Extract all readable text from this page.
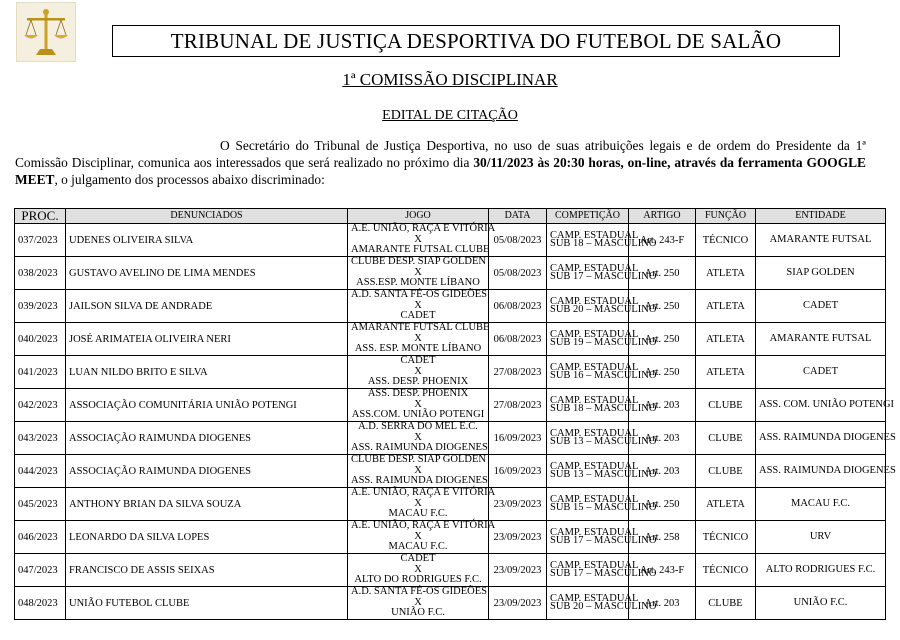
TRIBUNAL DE JUSTIÇA DESPORTIVA DO FUTEBOL DE SALÃO
1ª COMISSÃO DISCIPLINAR
EDITAL DE CITAÇÃO

O Secretário do Tribunal de Justiça Desportiva, no uso de suas atribuições legais e de ordem do Presidente da 1ª Comissão Disciplinar, comunica aos interessados que será realizado no próximo dia 30/11/2023 às 20:30 horas, on-line, através da ferramenta GOOGLE MEET, o julgamento dos processos abaixo discriminado:

PROC.	DENUNCIADOS	JOGO	DATA	COMPETIÇÃO	ARTIGO	FUNÇÃO	ENTIDADE
037/2023	UDENES OLIVEIRA SILVA	A.E. UNIÃO, RAÇA E VITÓRIA
X
AMARANTE FUTSAL CLUBE	05/08/2023	CAMP. ESTADUAL
SUB 18 – MASCULINO	Art. 243-F	TÉCNICO	AMARANTE FUTSAL
038/2023	GUSTAVO AVELINO DE LIMA MENDES	CLUBE DESP. SIAP GOLDEN
X
ASS.ESP. MONTE LÍBANO	05/08/2023	CAMP. ESTADUAL
SUB 17 – MASCULINO	Art. 250	ATLETA	SIAP GOLDEN
039/2023	JAILSON SILVA DE ANDRADE	A.D. SANTA FÉ-OS GIDEÕES
X
CADET	06/08/2023	CAMP. ESTADUAL
SUB 20 – MASCULINO	Art. 250	ATLETA	CADET
040/2023	JOSÉ ARIMATEIA OLIVEIRA NERI	AMARANTE FUTSAL CLUBE
X
ASS. ESP. MONTE LÍBANO	06/08/2023	CAMP. ESTADUAL
SUB 19 – MASCULINO	Art. 250	ATLETA	AMARANTE FUTSAL
041/2023	LUAN NILDO BRITO E SILVA	CADET
X
ASS. DESP. PHOENIX	27/08/2023	CAMP. ESTADUAL
SUB 16 – MASCULINO	Art. 250	ATLETA	CADET
042/2023	ASSOCIAÇÃO COMUNITÁRIA UNIÃO POTENGI	ASS. DESP. PHOENIX
X
ASS.COM. UNIÃO POTENGI	27/08/2023	CAMP. ESTADUAL
SUB 18 – MASCULINO	Art. 203	CLUBE	ASS. COM. UNIÃO POTENGI
043/2023	ASSOCIAÇÃO RAIMUNDA DIOGENES	A.D. SERRA DO MEL E.C.
X
ASS. RAIMUNDA DIOGENES	16/09/2023	CAMP. ESTADUAL
SUB 13 – MASCULINO	Art. 203	CLUBE	ASS. RAIMUNDA DIOGENES
044/2023	ASSOCIAÇÃO RAIMUNDA DIOGENES	CLUBE DESP. SIAP GOLDEN
X
ASS. RAIMUNDA DIOGENES	16/09/2023	CAMP. ESTADUAL
SUB 13 – MASCULINO	Art. 203	CLUBE	ASS. RAIMUNDA DIOGENES
045/2023	ANTHONY BRIAN DA SILVA SOUZA	A.E. UNIÃO, RAÇA E VITÓRIA
X
MACAU F.C.	23/09/2023	CAMP. ESTADUAL
SUB 15 – MASCULINO	Art. 250	ATLETA	MACAU F.C.
046/2023	LEONARDO DA SILVA LOPES	A.E. UNIÃO, RAÇA E VITÓRIA
X
MACAU F.C.	23/09/2023	CAMP. ESTADUAL
SUB 17 – MASCULINO	Art. 258	TÉCNICO	URV
047/2023	FRANCISCO DE ASSIS SEIXAS	CADET
X
ALTO DO RODRIGUES F.C.	23/09/2023	CAMP. ESTADUAL
SUB 17 – MASCULINO	Art. 243-F	TÉCNICO	ALTO RODRIGUES F.C.
048/2023	UNIÃO FUTEBOL CLUBE	A.D. SANTA FÉ-OS GIDEÕES
X
UNIÃO F.C.	23/09/2023	CAMP. ESTADUAL
SUB 20 – MASCULINO	Art. 203	CLUBE	UNIÃO F.C.
